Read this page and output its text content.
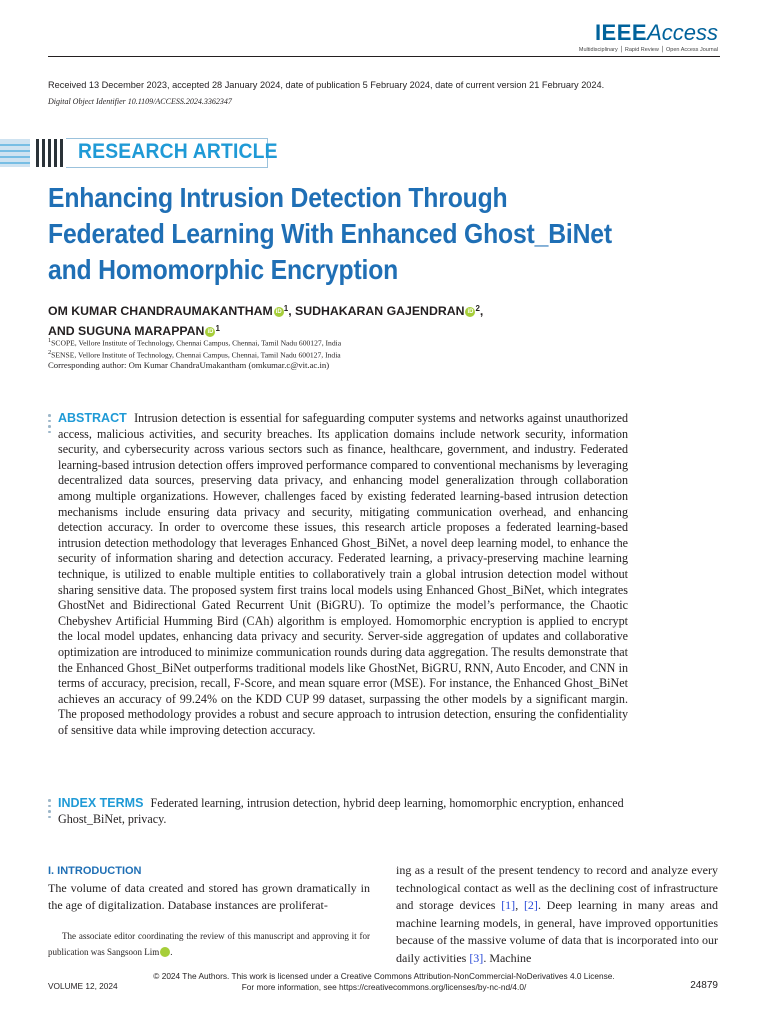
IEEEAccess
Multidisciplinary ⎪ Rapid Review ⎪ Open Access Journal
Received 13 December 2023, accepted 28 January 2024, date of publication 5 February 2024, date of current version 21 February 2024.
Digital Object Identifier 10.1109/ACCESS.2024.3362347
RESEARCH ARTICLE
Enhancing Intrusion Detection Through Federated Learning With Enhanced Ghost_BiNet and Homomorphic Encryption
OM KUMAR CHANDRAUMAKANTHAM iD $^1$, SUDHAKARAN GAJENDRAN iD $^2$,
AND SUGUNA MARAPPAN iD $^1$
$^1$SCOPE, Vellore Institute of Technology, Chennai Campus, Chennai, Tamil Nadu 600127, India
$^2$SENSE, Vellore Institute of Technology, Chennai Campus, Chennai, Tamil Nadu 600127, India
Corresponding author: Om Kumar ChandraUmakantham (omkumar.c@vit.ac.in)
ABSTRACT Intrusion detection is essential for safeguarding computer systems and networks against unauthorized access, malicious activities, and security breaches. Its application domains include network security, information security, and cybersecurity across various sectors such as finance, healthcare, government, and industry. Federated learning-based intrusion detection offers improved performance compared to conventional mechanisms by leveraging decentralized data sources, preserving data privacy, and enhancing model generalization through collaboration among multiple organizations. However, challenges faced by existing federated learning-based intrusion detection mechanisms include ensuring data privacy and security, mitigating communication overhead, and enhancing detection accuracy. In order to overcome these issues, this research article proposes a federated learning-based intrusion detection methodology that leverages Enhanced Ghost_BiNet, a novel deep learning model, to enhance the security of information sharing and detection accuracy. Federated learning, a privacy-preserving machine learning technique, is utilized to enable multiple entities to collaboratively train a global intrusion detection model without sharing sensitive data. The proposed system first trains local models using Enhanced Ghost_BiNet, which integrates GhostNet and Bidirectional Gated Recurrent Unit (BiGRU). To optimize the model’s performance, the Chaotic Chebyshev Artificial Humming Bird (CAh) algorithm is employed. Homomorphic encryption is applied to encrypt the local model updates, enhancing data privacy and security. Server-side aggregation of updates and collaborative optimization are introduced to minimize communication rounds during data aggregation. The results demonstrate that the Enhanced Ghost_BiNet outperforms traditional models like GhostNet, BiGRU, RNN, Auto Encoder, and CNN in terms of accuracy, precision, recall, F-Score, and mean square error (MSE). For instance, the Enhanced Ghost_BiNet achieves an accuracy of 99.24% on the KDD CUP 99 dataset, surpassing the other models by a significant margin. The proposed methodology provides a robust and secure approach to intrusion detection, ensuring the confidentiality of sensitive data while improving detection accuracy.
INDEX TERMS Federated learning, intrusion detection, hybrid deep learning, homomorphic encryption, enhanced Ghost_BiNet, privacy.
I. INTRODUCTION
The volume of data created and stored has grown dramatically in the age of digitalization. Database instances are proliferat-
The associate editor coordinating the review of this manuscript and approving it for publication was Sangsoon Lim	iD.
ing as a result of the present tendency to record and analyze every technological contact as well as the declining cost of infrastructure and storage devices [1], [2]. Deep learning in many areas and machine learning models, in general, have improved opportunities because of the massive volume of data that is incorporated into our daily activities [3]. Machine
© 2024 The Authors. This work is licensed under a Creative Commons Attribution-NonCommercial-NoDerivatives 4.0 License.
For more information, see https://creativecommons.org/licenses/by-nc-nd/4.0/
VOLUME 12, 2024	24879
